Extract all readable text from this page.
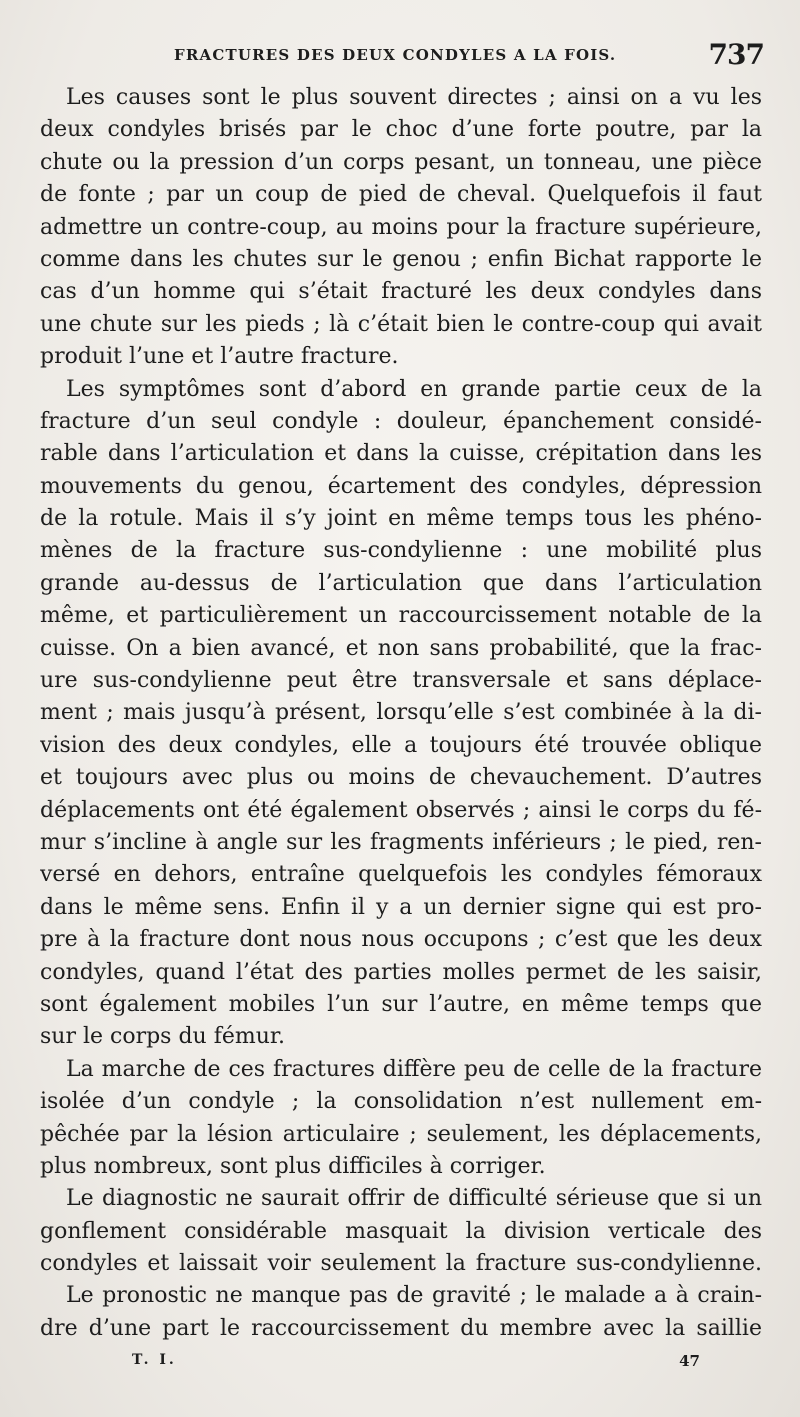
FRACTURES DES DEUX CONDYLES A LA FOIS.	737
Les causes sont le plus souvent directes ; ainsi on a vu les
deux condyles brisés par le choc d’une forte poutre, par la
chute ou la pression d’un corps pesant, un tonneau, une pièce
de fonte ; par un coup de pied de cheval. Quelquefois il faut
admettre un contre-coup, au moins pour la fracture supérieure,
comme dans les chutes sur le genou ; enfin Bichat rapporte le
cas d’un homme qui s’était fracturé les deux condyles dans
une chute sur les pieds ; là c’était bien le contre-coup qui avait
produit l’une et l’autre fracture.
Les symptômes sont d’abord en grande partie ceux de la
fracture d’un seul condyle : douleur, épanchement considé-
rable dans l’articulation et dans la cuisse, crépitation dans les
mouvements du genou, écartement des condyles, dépression
de la rotule. Mais il s’y joint en même temps tous les phéno-
mènes de la fracture sus-condylienne : une mobilité plus
grande au-dessus de l’articulation que dans l’articulation
même, et particulièrement un raccourcissement notable de la
cuisse. On a bien avancé, et non sans probabilité, que la frac-
ure sus-condylienne peut être transversale et sans déplace-
ment ; mais jusqu’à présent, lorsqu’elle s’est combinée à la di-
vision des deux condyles, elle a toujours été trouvée oblique
et toujours avec plus ou moins de chevauchement. D’autres
déplacements ont été également observés ; ainsi le corps du fé-
mur s’incline à angle sur les fragments inférieurs ; le pied, ren-
versé en dehors, entraîne quelquefois les condyles fémoraux
dans le même sens. Enfin il y a un dernier signe qui est pro-
pre à la fracture dont nous nous occupons ; c’est que les deux
condyles, quand l’état des parties molles permet de les saisir,
sont également mobiles l’un sur l’autre, en même temps que
sur le corps du fémur.
La marche de ces fractures diffère peu de celle de la fracture
isolée d’un condyle ; la consolidation n’est nullement em-
pêchée par la lésion articulaire ; seulement, les déplacements,
plus nombreux, sont plus difficiles à corriger.
Le diagnostic ne saurait offrir de difficulté sérieuse que si un
gonflement considérable masquait la division verticale des
condyles et laissait voir seulement la fracture sus-condylienne.
Le pronostic ne manque pas de gravité ; le malade a à crain-
dre d’une part le raccourcissement du membre avec la saillie
T. I.	47
